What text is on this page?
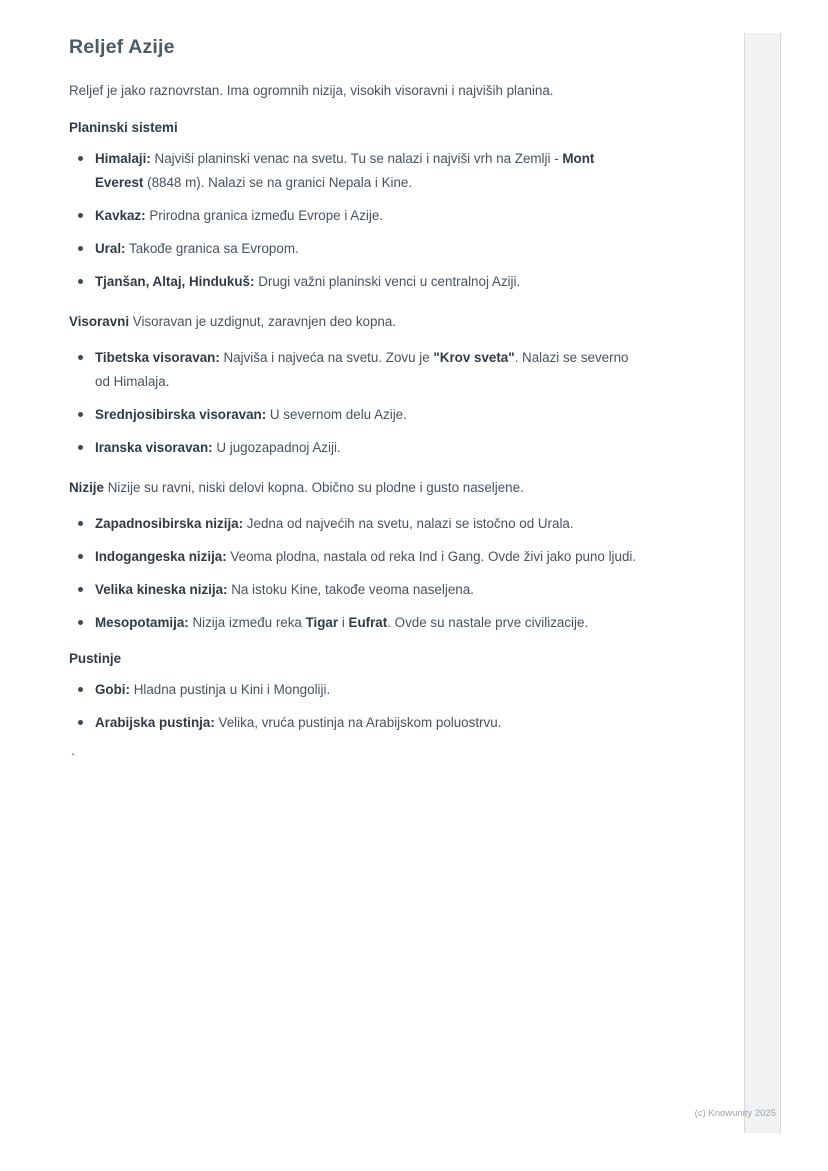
Reljef Azije

Reljef je jako raznovrstan. Ima ogromnih nizija, visokih visoravni i najviših planina.

Planinski sistemi
Himalaji: Najviši planinski venac na svetu. Tu se nalazi i najviši vrh na Zemlji - Mont Everest (8848 m). Nalazi se na granici Nepala i Kine.
Kavkaz: Prirodna granica između Evrope i Azije.
Ural: Takođe granica sa Evropom.
Tjanšan, Altaj, Hindukuš: Drugi važni planinski venci u centralnoj Aziji.

Visoravni Visoravan je uzdignut, zaravnjen deo kopna.

Tibetska visoravan: Najviša i najveća na svetu. Zovu je "Krov sveta". Nalazi se severno od Himalaja.
Srednjosibirska visoravan: U severnom delu Azije.
Iranska visoravan: U jugozapadnoj Aziji.

Nizije Nizije su ravni, niski delovi kopna. Obično su plodne i gusto naseljene.

Zapadnosibirska nizija: Jedna od najvećih na svetu, nalazi se istočno od Urala.
Indogangeska nizija: Veoma plodna, nastala od reka Ind i Gang. Ovde živi jako puno ljudi.
Velika kineska nizija: Na istoku Kine, takođe veoma naseljena.
Mesopotamija: Nizija između reka Tigar i Eufrat. Ovde su nastale prve civilizacije.
Pustinje
Gobi: Hladna pustinja u Kini i Mongoliji.
Arabijska pustinja: Velika, vruća pustinja na Arabijskom poluostrvu.
`
(c) Knowunity 2025
